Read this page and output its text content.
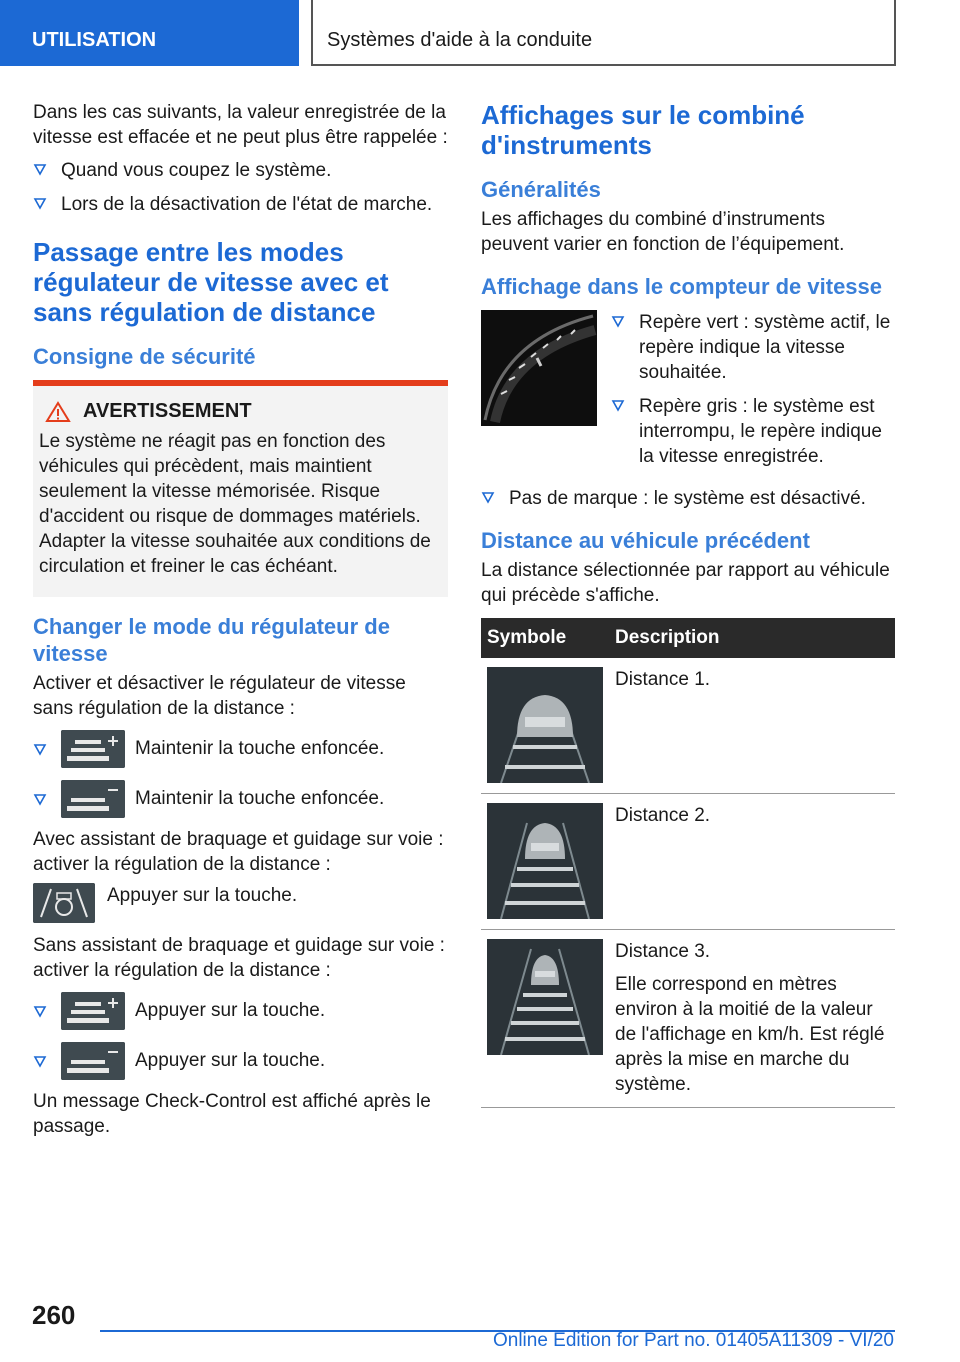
UTILISATION	Systèmes d'aide à la conduite

Dans les cas suivants, la valeur enregistrée de la vitesse est effacée et ne peut plus être rappelée :

Quand vous coupez le système.
Lors de la désactivation de l'état de marche.
Passage entre les modes régulateur de vitesse avec et sans régulation de distance
Consigne de sécurité
AVERTISSEMENT

Le système ne réagit pas en fonction des véhicules qui précèdent, mais maintient seulement la vitesse mémorisée. Risque d'accident ou risque de dommages matériels. Adapter la vitesse souhaitée aux conditions de circulation et freiner le cas échéant.

Changer le mode du régulateur de vitesse

Activer et désactiver le régulateur de vitesse sans régulation de la distance :

Maintenir la touche enfoncée.
Maintenir la touche enfoncée.

Avec assistant de braquage et guidage sur voie : activer la régulation de la distance :

Appuyer sur la touche.

Sans assistant de braquage et guidage sur voie : activer la régulation de la distance :

Appuyer sur la touche.
Appuyer sur la touche.

Un message Check-Control est affiché après le passage.

Affichages sur le combiné d'instruments
Généralités

Les affichages du combiné d’instruments peuvent varier en fonction de l’équipement.

Affichage dans le compteur de vitesse
Repère vert : système actif, le repère indique la vitesse souhaitée.
Repère gris : le système est interrompu, le repère indique la vitesse enregistrée.
Pas de marque : le système est désactivé.
Distance au véhicule précédent

La distance sélectionnée par rapport au véhicule qui précède s'affiche.

Symbole	Description

Distance 1.

Distance 2.

Distance 3.

Elle correspond en mètres environ à la moitié de la valeur de l'affichage en km/h. Est réglé après la mise en marche du système.

260
Online Edition for Part no. 01405A11309 - VI/20
